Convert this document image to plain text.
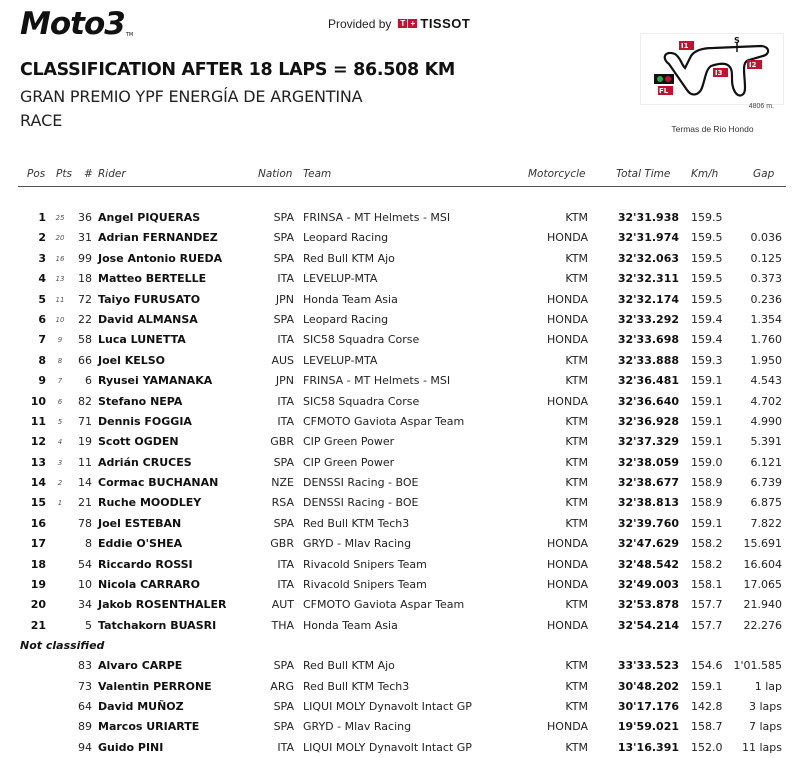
Moto3 TM
Provided by T + TISSOT
CLASSIFICATION AFTER 18 LAPS = 86.508 KM
GRAN PREMIO YPF ENERGÍA DE ARGENTINA
RACE
S
I1
I2
I3
FL
4806 m.
Termas de Rio Hondo
Pos Pts # Rider	Nation Team	Motorcycle	Total Time Km/h	Gap
1	25	36 Angel PIQUERAS	SPA FRINSA - MT Helmets - MSI	KTM	32'31.938 159.5
2	20	31 Adrian FERNANDEZ	SPA Leopard Racing	HONDA	32'31.974 159.5	0.036
3	16	99 Jose Antonio RUEDA	SPA Red Bull KTM Ajo	KTM	32'32.063 159.5	0.125
4	13	18 Matteo BERTELLE	ITA LEVELUP-MTA	KTM	32'32.311 159.5	0.373
5	11	72 Taiyo FURUSATO	JPN Honda Team Asia	HONDA	32'32.174 159.5	0.236
6	10	22 David ALMANSA	SPA Leopard Racing	HONDA	32'33.292 159.4	1.354
7	9	58 Luca LUNETTA	ITA SIC58 Squadra Corse	HONDA	32'33.698 159.4	1.760
8	8	66 Joel KELSO	AUS LEVELUP-MTA	KTM	32'33.888 159.3	1.950
9	7	6 Ryusei YAMANAKA	JPN FRINSA - MT Helmets - MSI	KTM	32'36.481 159.1	4.543
10	6	82 Stefano NEPA	ITA SIC58 Squadra Corse	HONDA	32'36.640 159.1	4.702
11	5	71 Dennis FOGGIA	ITA CFMOTO Gaviota Aspar Team	KTM	32'36.928 159.1	4.990
12	4	19 Scott OGDEN	GBR CIP Green Power	KTM	32'37.329 159.1	5.391
13	3	11 Adrián CRUCES	SPA CIP Green Power	KTM	32'38.059 159.0	6.121
14	2	14 Cormac BUCHANAN	NZE DENSSI Racing - BOE	KTM	32'38.677 158.9	6.739
15	1	21 Ruche MOODLEY	RSA DENSSI Racing - BOE	KTM	32'38.813 158.9	6.875
16	78 Joel ESTEBAN	SPA Red Bull KTM Tech3	KTM	32'39.760 159.1	7.822
17	8 Eddie O'SHEA	GBR GRYD - Mlav Racing	HONDA	32'47.629 158.2	15.691
18	54 Riccardo ROSSI	ITA Rivacold Snipers Team	HONDA	32'48.542 158.2	16.604
19	10 Nicola CARRARO	ITA Rivacold Snipers Team	HONDA	32'49.003 158.1	17.065
20	34 Jakob ROSENTHALER	AUT CFMOTO Gaviota Aspar Team	KTM	32'53.878 157.7	21.940
21	5 Tatchakorn BUASRI	THA Honda Team Asia	HONDA	32'54.214 157.7	22.276
Not classified
83 Alvaro CARPE	SPA Red Bull KTM Ajo	KTM	33'33.523 154.6 1'01.585
73 Valentin PERRONE	ARG Red Bull KTM Tech3	KTM	30'48.202 159.1	1 lap
64 David MUÑOZ	SPA LIQUI MOLY Dynavolt Intact GP	KTM	30'17.176 142.8	3 laps
89 Marcos URIARTE	SPA GRYD - Mlav Racing	HONDA	19'59.021 158.7	7 laps
94 Guido PINI	ITA LIQUI MOLY Dynavolt Intact GP	KTM	13'16.391 152.0	11 laps
